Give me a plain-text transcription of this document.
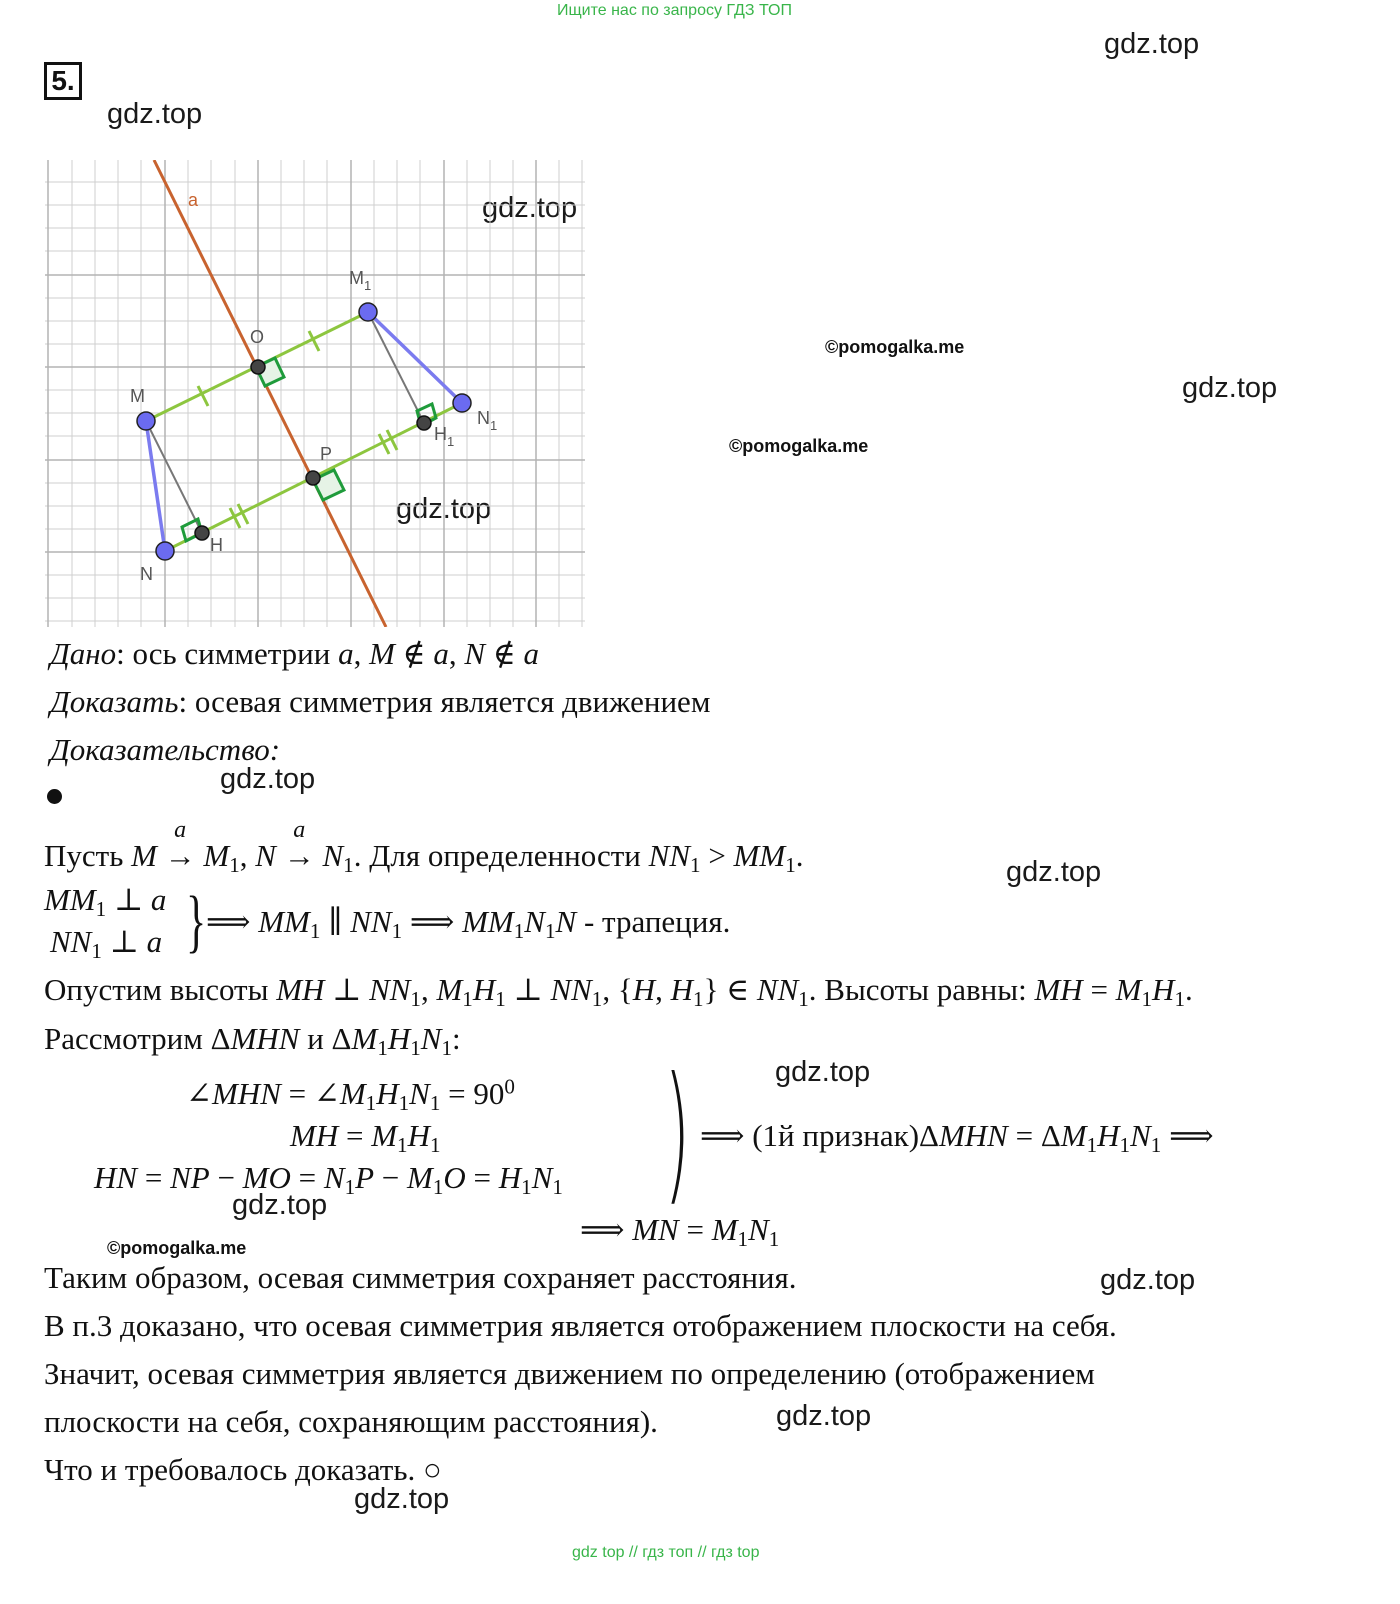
Ищите нас по запросу ГДЗ ТОП
gdz.top
gdz.top
gdz.top
gdz.top
gdz.top
gdz.top
gdz.top
gdz.top
gdz.top
gdz.top
gdz.top
gdz.top
©pomogalka.me
©pomogalka.me
©pomogalka.me
5.
a
O
M
N
P
H
$M_1$
$N_1$
$H_1$
Дано: ось симметрии a, M ∉ a, N ∉ a
Доказать: осевая симметрия является движением
Доказательство:
Пусть M →
a
$M_1$, N →
a
$N_1$. Для определенности $NN_1 > MM_1$.
$MM_1$ ⊥ a
$NN_1$ ⊥ a } ⟹ $MM_1$ ∥ $NN_1$ ⟹ $MM_1N_1N$ - трапеция.
Опустим высоты MH ⊥ $NN_1$, $M_1H_1$ ⊥ $NN_1$, {H, $H_1$} ∈ $NN_1$. Высоты равны: MH = $M_1H_1$.
Рассмотрим ΔMHN и $\Delta M_1H_1N_1$:
∠MHN = $\angle M_1H_1N_1 = 90^0$
MH = $M_1H_1$
HN = NP − MO = $N_1P - M_1O = H_1N_1$ ) ⟹ (1й признак)ΔMHN = $\Delta M_1H_1N_1$ ⟹
⟹ MN = $M_1N_1$
Таким образом, осевая симметрия сохраняет расстояния.
В п.3 доказано, что осевая симметрия является отображением плоскости на себя.
Значит, осевая симметрия является движением по определению (отображением
плоскости на себя, сохраняющим расстояния).
Что и требовалось доказать. ○
gdz top // гдз топ // гдз top
